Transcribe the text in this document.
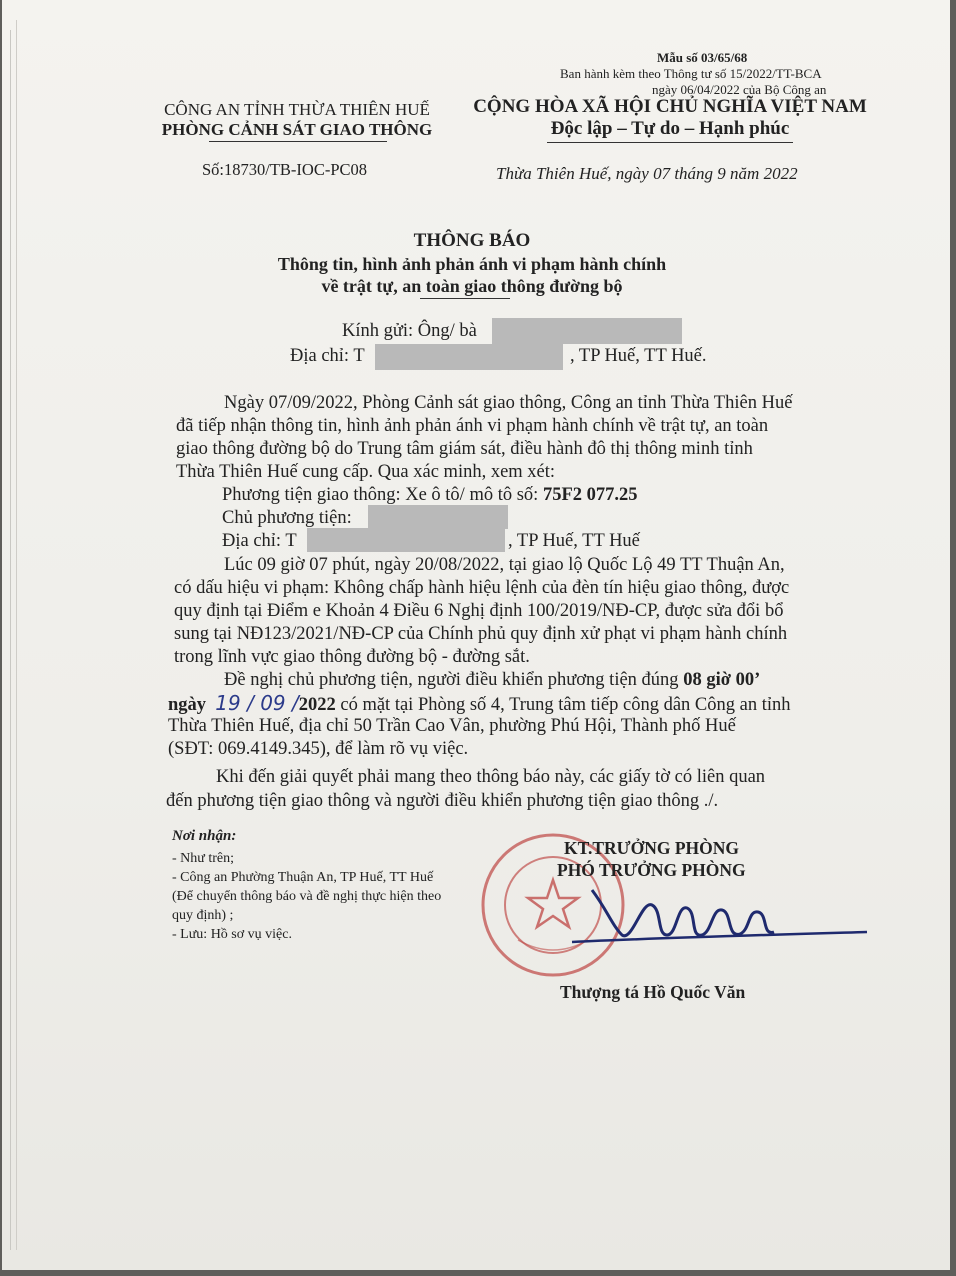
Mẫu số 03/65/68
Ban hành kèm theo Thông tư số 15/2022/TT-BCA
ngày 06/04/2022 của Bộ Công an
CÔNG AN TỈNH THỪA THIÊN HUẾ
PHÒNG CẢNH SÁT GIAO THÔNG
Số:18730/TB-IOC-PC08
CỘNG HÒA XÃ HỘI CHỦ NGHĨA VIỆT NAM
Độc lập – Tự do – Hạnh phúc
Thừa Thiên Huế, ngày 07 tháng 9 năm 2022
THÔNG BÁO
Thông tin, hình ảnh phản ánh vi phạm hành chính
về trật tự, an toàn giao thông đường bộ
Kính gửi: Ông/ bà
Địa chỉ: T	, TP Huế, TT Huế.
Ngày 07/09/2022, Phòng Cảnh sát giao thông, Công an tỉnh Thừa Thiên Huế
đã tiếp nhận thông tin, hình ảnh phản ánh vi phạm hành chính về trật tự, an toàn
giao thông đường bộ do Trung tâm giám sát, điều hành đô thị thông minh tỉnh
Thừa Thiên Huế cung cấp. Qua xác minh, xem xét:
Phương tiện giao thông: Xe ô tô/ mô tô số: 75F2 077.25
Chủ phương tiện:
Địa chỉ: T	, TP Huế, TT Huế
Lúc 09 giờ 07 phút, ngày 20/08/2022, tại giao lộ Quốc Lộ 49 TT Thuận An,
có dấu hiệu vi phạm: Không chấp hành hiệu lệnh của đèn tín hiệu giao thông, được
quy định tại Điểm e Khoản 4 Điều 6 Nghị định 100/2019/NĐ-CP, được sửa đổi bổ
sung tại NĐ123/2021/NĐ-CP của Chính phủ quy định xử phạt vi phạm hành chính
trong lĩnh vực giao thông đường bộ - đường sắt.
Đề nghị chủ phương tiện, người điều khiển phương tiện đúng 08 giờ 00’
ngày 19 / 09 /2022 có mặt tại Phòng số 4, Trung tâm tiếp công dân Công an tỉnh
Thừa Thiên Huế, địa chỉ 50 Trần Cao Vân, phường Phú Hội, Thành phố Huế
(SĐT: 069.4149.345), để làm rõ vụ việc.
Khi đến giải quyết phải mang theo thông báo này, các giấy tờ có liên quan
đến phương tiện giao thông và người điều khiển phương tiện giao thông ./.
Nơi nhận:
- Như trên;
- Công an Phường Thuận An, TP Huế, TT Huế
(Để chuyển thông báo và đề nghị thực hiện theo
quy định) ;
- Lưu: Hồ sơ vụ việc.
KT.TRƯỞNG PHÒNG
PHÓ TRƯỞNG PHÒNG
Thượng tá Hồ Quốc Văn
